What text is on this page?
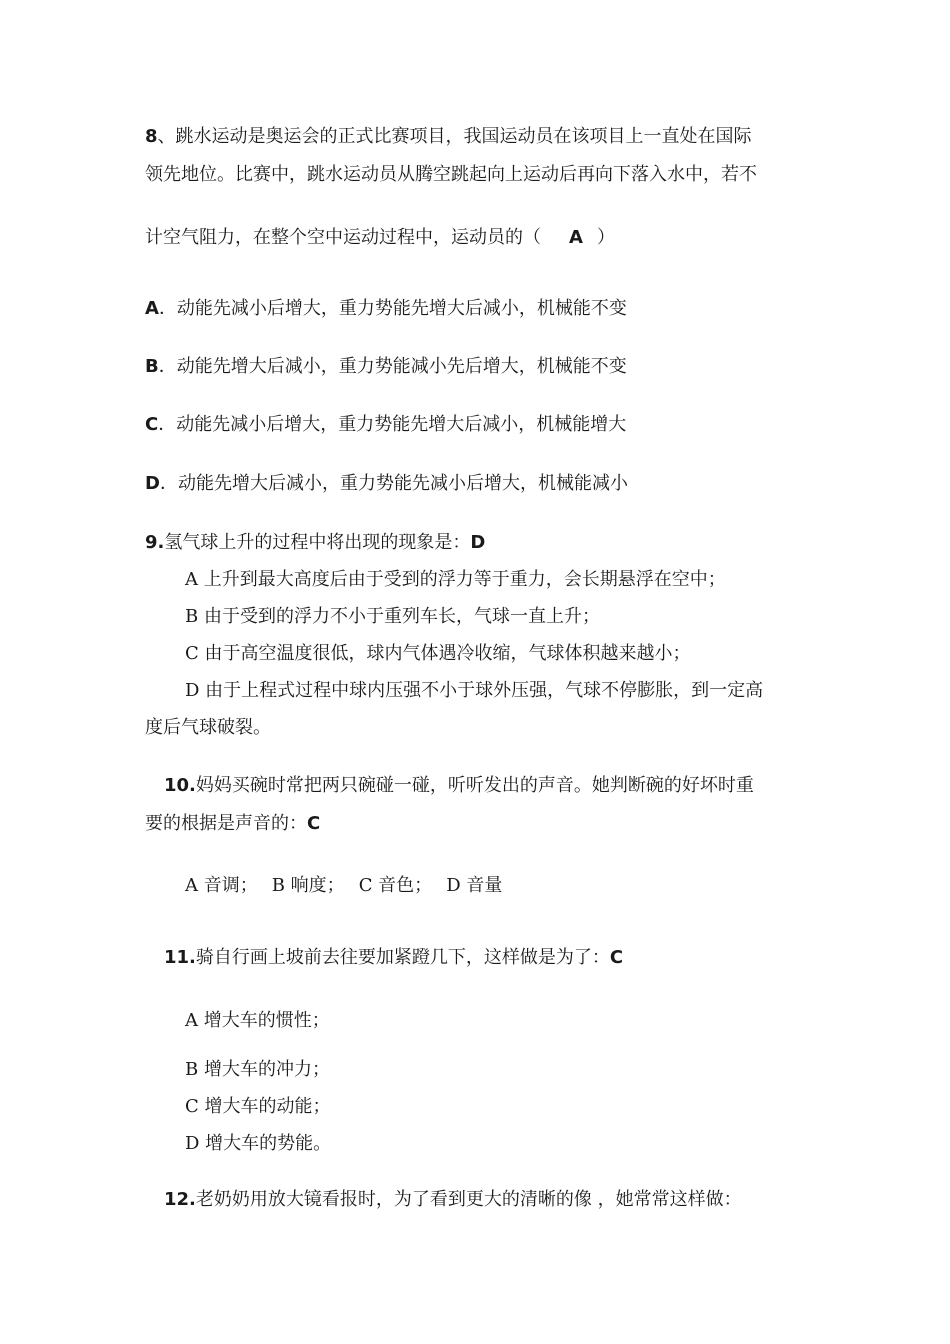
8、跳水运动是奥运会的正式比赛项目，我国运动员在该项目上一直处在国际
领先地位。比赛中，跳水运动员从腾空跳起向上运动后再向下落入水中，若不
计空气阻力，在整个空中运动过程中，运动员的（ A ）
A．动能先减小后增大，重力势能先增大后减小，机械能不变
B．动能先增大后减小，重力势能减小先后增大，机械能不变
C．动能先减小后增大，重力势能先增大后减小，机械能增大
D．动能先增大后减小，重力势能先减小后增大，机械能减小
9.氢气球上升的过程中将出现的现象是：D
A 上升到最大高度后由于受到的浮力等于重力，会长期悬浮在空中；
B 由于受到的浮力不小于重列车长，气球一直上升；
C 由于高空温度很低，球内气体遇冷收缩，气球体积越来越小；
D 由于上程式过程中球内压强不小于球外压强，气球不停膨胀，到一定高
度后气球破裂。
10.妈妈买碗时常把两只碗碰一碰，听听发出的声音。她判断碗的好坏时重
要的根据是声音的：C
A 音调； B 响度； C 音色； D 音量
11.骑自行画上坡前去往要加紧蹬几下，这样做是为了：C
A 增大车的惯性；
B 增大车的冲力；
C 增大车的动能；
D 增大车的势能。
12.老奶奶用放大镜看报时，为了看到更大的清晰的像 ，她常常这样做：
